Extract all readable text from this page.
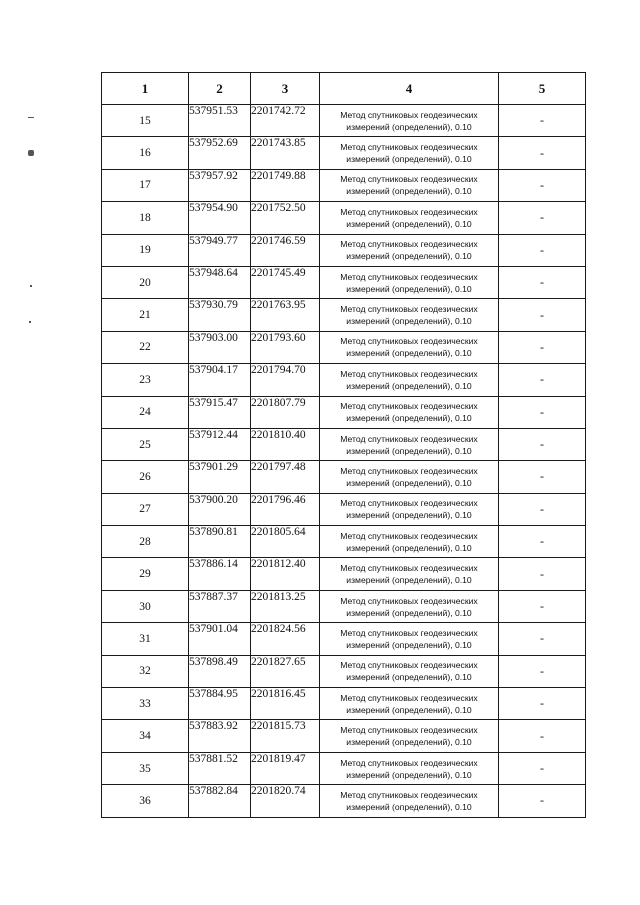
1	2	3	4	5
15	537951.53	2201742.72	Метод спутниковых геодезических
измерений (определений), 0.10	-
16	537952.69	2201743.85	Метод спутниковых геодезических
измерений (определений), 0.10	-
17	537957.92	2201749.88	Метод спутниковых геодезических
измерений (определений), 0.10	-
18	537954.90	2201752.50	Метод спутниковых геодезических
измерений (определений), 0.10	-
19	537949.77	2201746.59	Метод спутниковых геодезических
измерений (определений), 0.10	-
20	537948.64	2201745.49	Метод спутниковых геодезических
измерений (определений), 0.10	-
21	537930.79	2201763.95	Метод спутниковых геодезических
измерений (определений), 0.10	-
22	537903.00	2201793.60	Метод спутниковых геодезических
измерений (определений), 0.10	-
23	537904.17	2201794.70	Метод спутниковых геодезических
измерений (определений), 0.10	-
24	537915.47	2201807.79	Метод спутниковых геодезических
измерений (определений), 0.10	-
25	537912.44	2201810.40	Метод спутниковых геодезических
измерений (определений), 0.10	-
26	537901.29	2201797.48	Метод спутниковых геодезических
измерений (определений), 0.10	-
27	537900.20	2201796.46	Метод спутниковых геодезических
измерений (определений), 0.10	-
28	537890.81	2201805.64	Метод спутниковых геодезических
измерений (определений), 0.10	-
29	537886.14	2201812.40	Метод спутниковых геодезических
измерений (определений), 0.10	-
30	537887.37	2201813.25	Метод спутниковых геодезических
измерений (определений), 0.10	-
31	537901.04	2201824.56	Метод спутниковых геодезических
измерений (определений), 0.10	-
32	537898.49	2201827.65	Метод спутниковых геодезических
измерений (определений), 0.10	-
33	537884.95	2201816.45	Метод спутниковых геодезических
измерений (определений), 0.10	-
34	537883.92	2201815.73	Метод спутниковых геодезических
измерений (определений), 0.10	-
35	537881.52	2201819.47	Метод спутниковых геодезических
измерений (определений), 0.10	-
36	537882.84	2201820.74	Метод спутниковых геодезических
измерений (определений), 0.10	-
